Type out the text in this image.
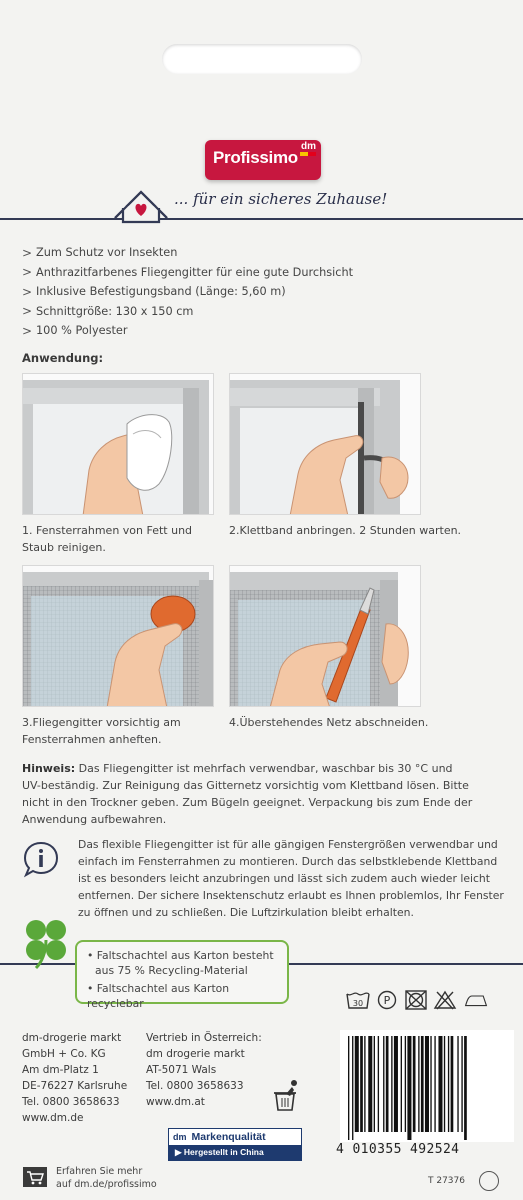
dm
Profissimo
... für ein sicheres Zuhause!
> Zum Schutz vor Insekten
> Anthrazitfarbenes Fliegengitter für eine gute Durchsicht
> Inklusive Befestigungsband (Länge: 5,60 m)
> Schnittgröße: 130 x 150 cm
> 100 % Polyester
Anwendung:
1. Fensterrahmen von Fett und
Staub reinigen.
2.Klettband anbringen. 2 Stunden warten.
3.Fliegengitter vorsichtig am
Fensterrahmen anheften.
4.Überstehendes Netz abschneiden.
Hinweis: Das Fliegengitter ist mehrfach verwendbar, waschbar bis 30 °C und
UV-beständig. Zur Reinigung das Gitternetz vorsichtig vom Klettband lösen. Bitte
nicht in den Trockner geben. Zum Bügeln geeignet. Verpackung bis zum Ende der
Anwendung aufbewahren.
Das flexible Fliegengitter ist für alle gängigen Fenstergrößen verwendbar und
einfach im Fensterrahmen zu montieren. Durch das selbstklebende Klettband
ist es besonders leicht anzubringen und lässt sich zudem auch wieder leicht
entfernen. Der sichere Insektenschutz erlaubt es Ihnen problemlos, Ihr Fenster
zu öffnen und zu schließen. Die Luftzirkulation bleibt erhalten.
• Faltschachtel aus Karton besteht
aus 75 % Recycling-Material
• Faltschachtel aus Karton recyclebar	30 P
dm-drogerie markt
GmbH + Co. KG
Am dm-Platz 1
DE-76227 Karlsruhe
Tel. 0800 3658633
www.dm.de
Vertrieb in Österreich:
dm drogerie markt
AT-5071 Wals
Tel. 0800 3658633
www.dm.at
4 010355 492524
dm Markenqualität
▶ Hergestellt in China
Erfahren Sie mehr
auf dm.de/profissimo	T 27376
